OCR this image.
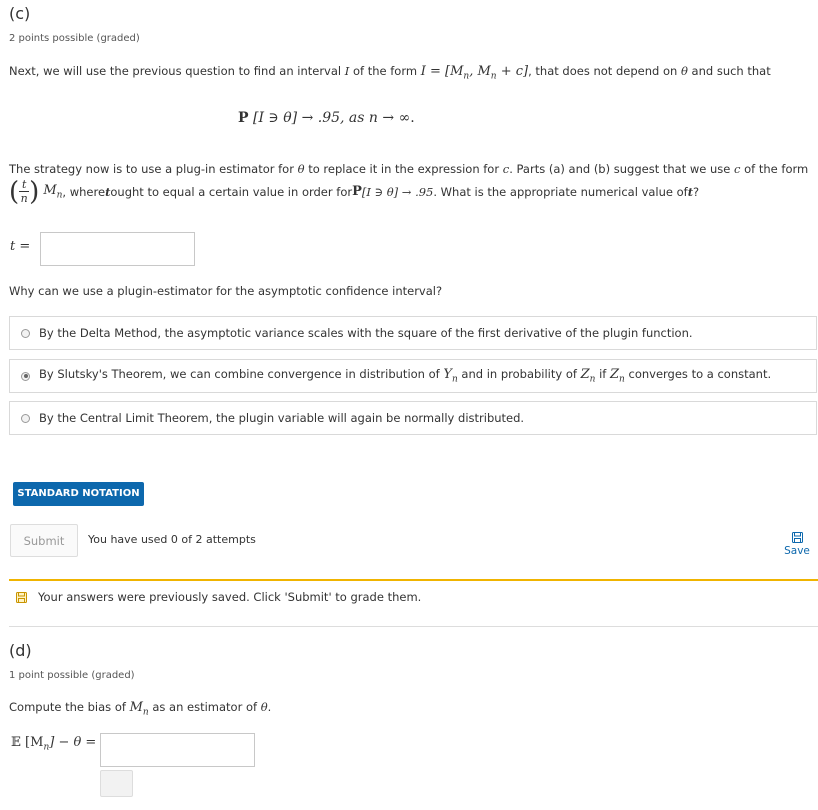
(c)
2 points possible (graded)
Next, we will use the previous question to find an interval 𝐼 of the form 𝐼 = [$M_n$, $M_n + c$], that does not depend on θ and such that
P [𝐼 ∋ θ] → .95, as n → ∞.
The strategy now is to use a plug-in estimator for θ to replace it in the expression for c. Parts (a) and (b) suggest that we use c of the form
( t
n ) $M_n$ , where t ought to equal a certain value in order for P [𝐼 ∋ θ] → .95 . What is the appropriate numerical value of t ?
t =
Why can we use a plugin-estimator for the asymptotic confidence interval?
By the Delta Method, the asymptotic variance scales with the square of the first derivative of the plugin function.
By Slutsky's Theorem, we can combine convergence in distribution of $Y_n$ and in probability of $Z_n$ if $Z_n$ converges to a constant.
By the Central Limit Theorem, the plugin variable will again be normally distributed.
STANDARD NOTATION
Submit	You have used 0 of 2 attempts
Save
Your answers were previously saved. Click 'Submit' to grade them.
(d)
1 point possible (graded)
Compute the bias of $M_n$ as an estimator of θ.
𝔼 $[M_n] - \theta$ =
